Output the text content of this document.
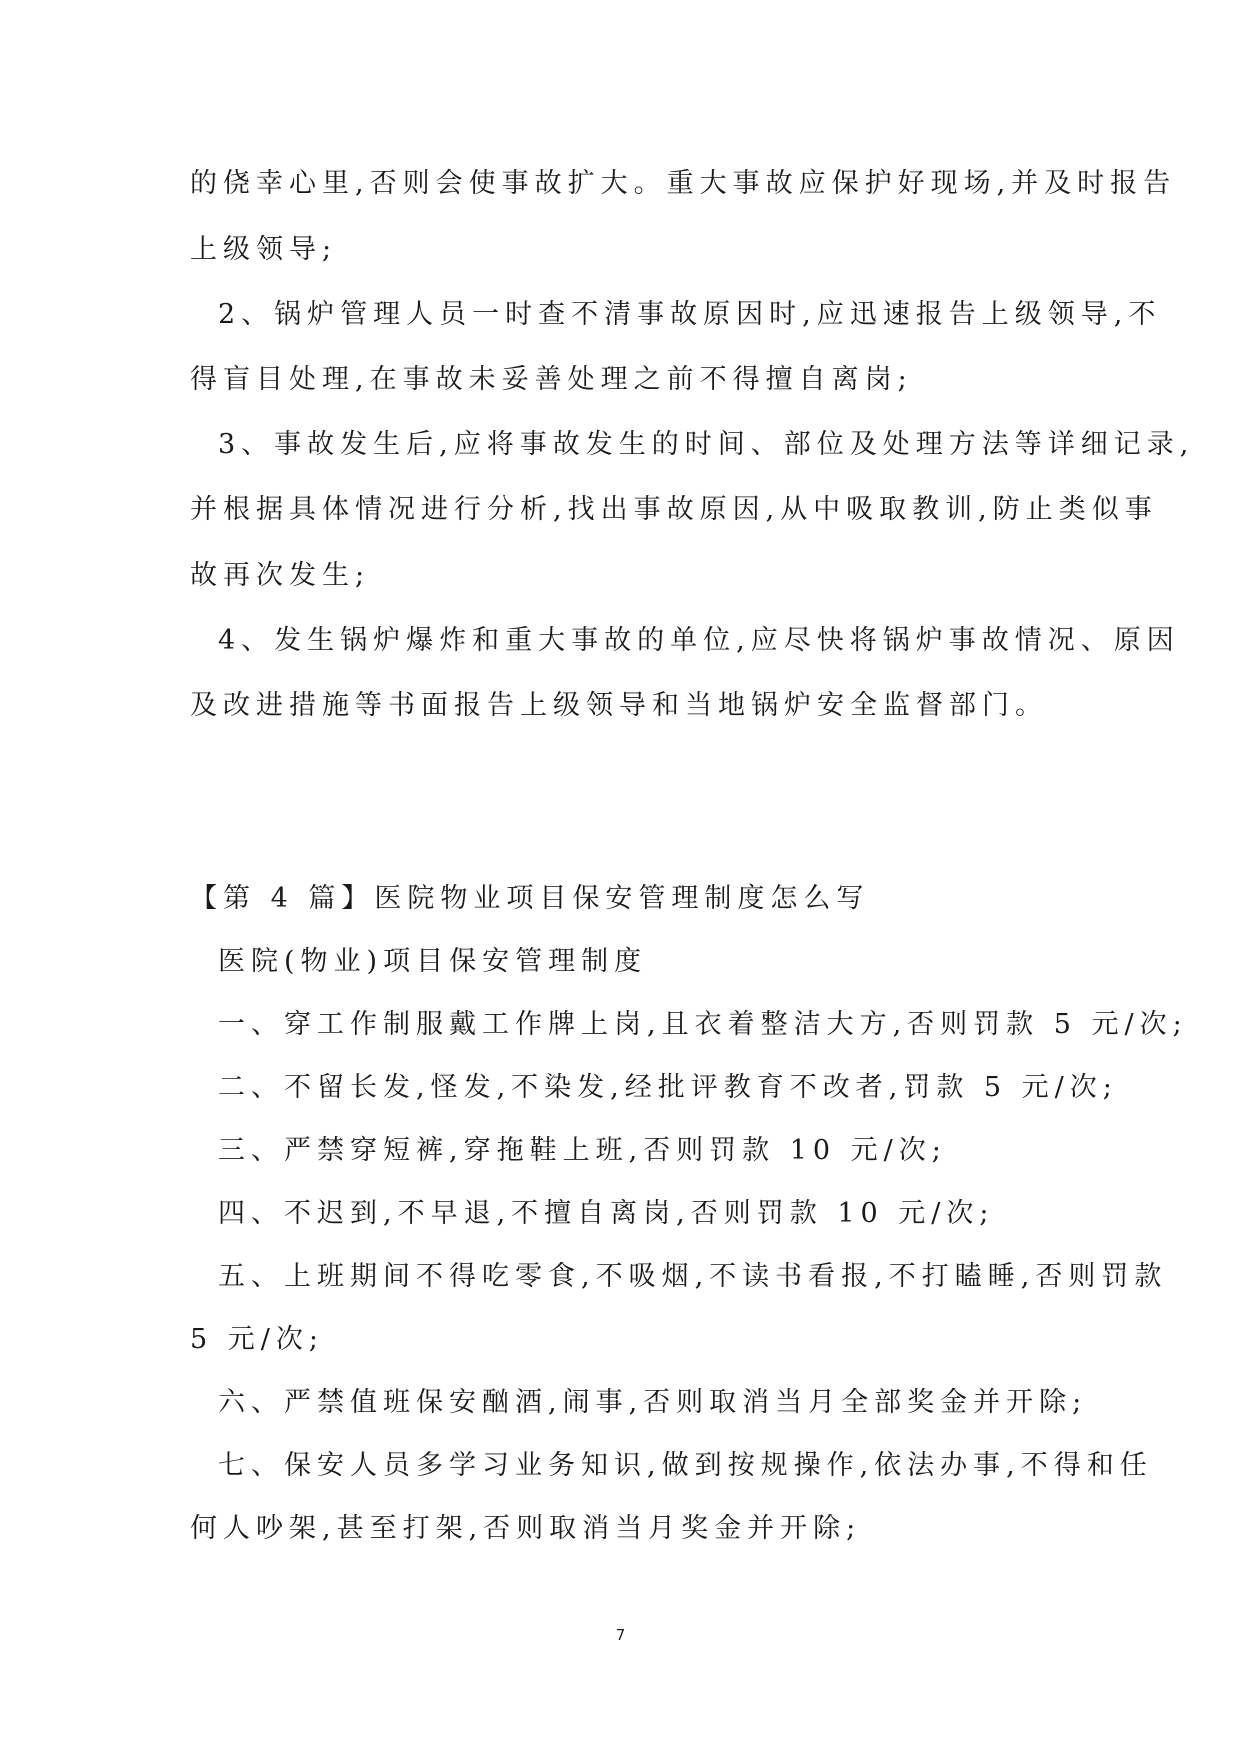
的侥幸心里,否则会使事故扩大。重大事故应保护好现场,并及时报告
上级领导;
2、锅炉管理人员一时查不清事故原因时,应迅速报告上级领导,不
得盲目处理,在事故未妥善处理之前不得擅自离岗;
3、事故发生后,应将事故发生的时间、部位及处理方法等详细记录,
并根据具体情况进行分析,找出事故原因,从中吸取教训,防止类似事
故再次发生;
4、发生锅炉爆炸和重大事故的单位,应尽快将锅炉事故情况、原因
及改进措施等书面报告上级领导和当地锅炉安全监督部门。
【第 4 篇】医院物业项目保安管理制度怎么写
医院(物业)项目保安管理制度
一、穿工作制服戴工作牌上岗,且衣着整洁大方,否则罚款 5 元/次;
二、不留长发,怪发,不染发,经批评教育不改者,罚款 5 元/次;
三、严禁穿短裤,穿拖鞋上班,否则罚款 10 元/次;
四、不迟到,不早退,不擅自离岗,否则罚款 10 元/次;
五、上班期间不得吃零食,不吸烟,不读书看报,不打瞌睡,否则罚款
5 元/次;
六、严禁值班保安酗酒,闹事,否则取消当月全部奖金并开除;
七、保安人员多学习业务知识,做到按规操作,依法办事,不得和任
何人吵架,甚至打架,否则取消当月奖金并开除;
7
